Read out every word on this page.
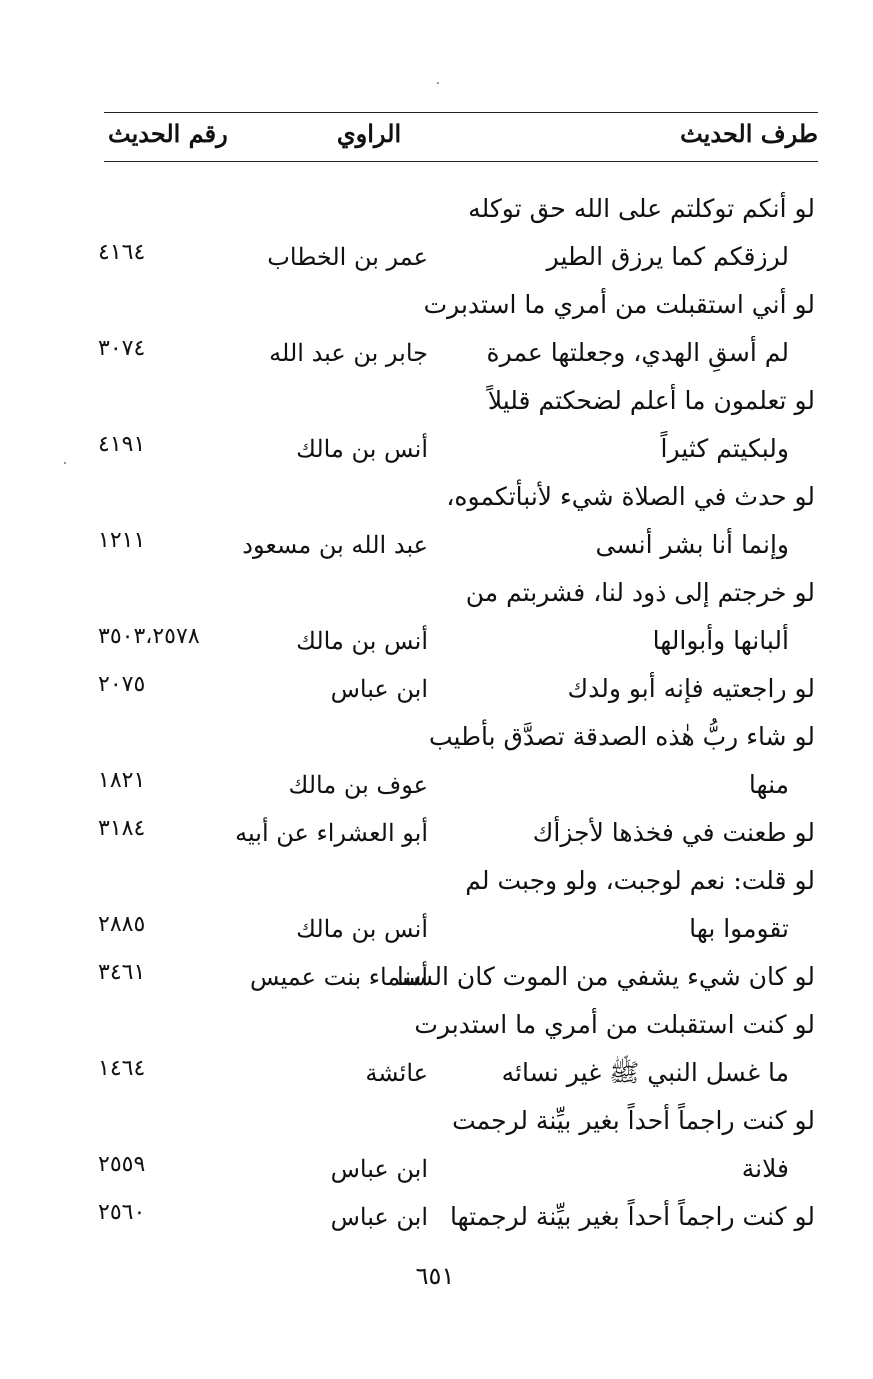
طرف الحديث
الراوي
رقم الحديث
لو أنكم توكلتم على الله حق توكله
لرزقكم كما يرزق الطير
عمر بن الخطاب
٤١٦٤
لو أني استقبلت من أمري ما استدبرت
لم أسقِ الهدي، وجعلتها عمرة
جابر بن عبد الله
٣٠٧٤
لو تعلمون ما أعلم لضحكتم قليلاً
ولبكيتم كثيراً
أنس بن مالك
٤١٩١
لو حدث في الصلاة شيء لأنبأتكموه،
وإنما أنا بشر أنسى
عبد الله بن مسعود
١٢١١
لو خرجتم إلى ذود لنا، فشربتم من
ألبانها وأبوالها
أنس بن مالك
٣٥٠٣،٢٥٧٨
لو راجعتيه فإنه أبو ولدك
ابن عباس
٢٠٧٥
لو شاء ربُّ هٰذه الصدقة تصدَّق بأطيب
منها
عوف بن مالك
١٨٢١
لو طعنت في فخذها لأجزأك
أبو العشراء عن أبيه
٣١٨٤
لو قلت: نعم لوجبت، ولو وجبت لم
تقوموا بها
أنس بن مالك
٢٨٨٥
لو كان شيء يشفي من الموت كان السنا
أسماء بنت عميس
٣٤٦١
لو كنت استقبلت من أمري ما استدبرت
ما غسل النبي ﷺ غير نسائه
عائشة
١٤٦٤
لو كنت راجماً أحداً بغير بيِّنة لرجمت
فلانة
ابن عباس
٢٥٥٩
لو كنت راجماً أحداً بغير بيِّنة لرجمتها
ابن عباس
٢٥٦٠
٦٥١
